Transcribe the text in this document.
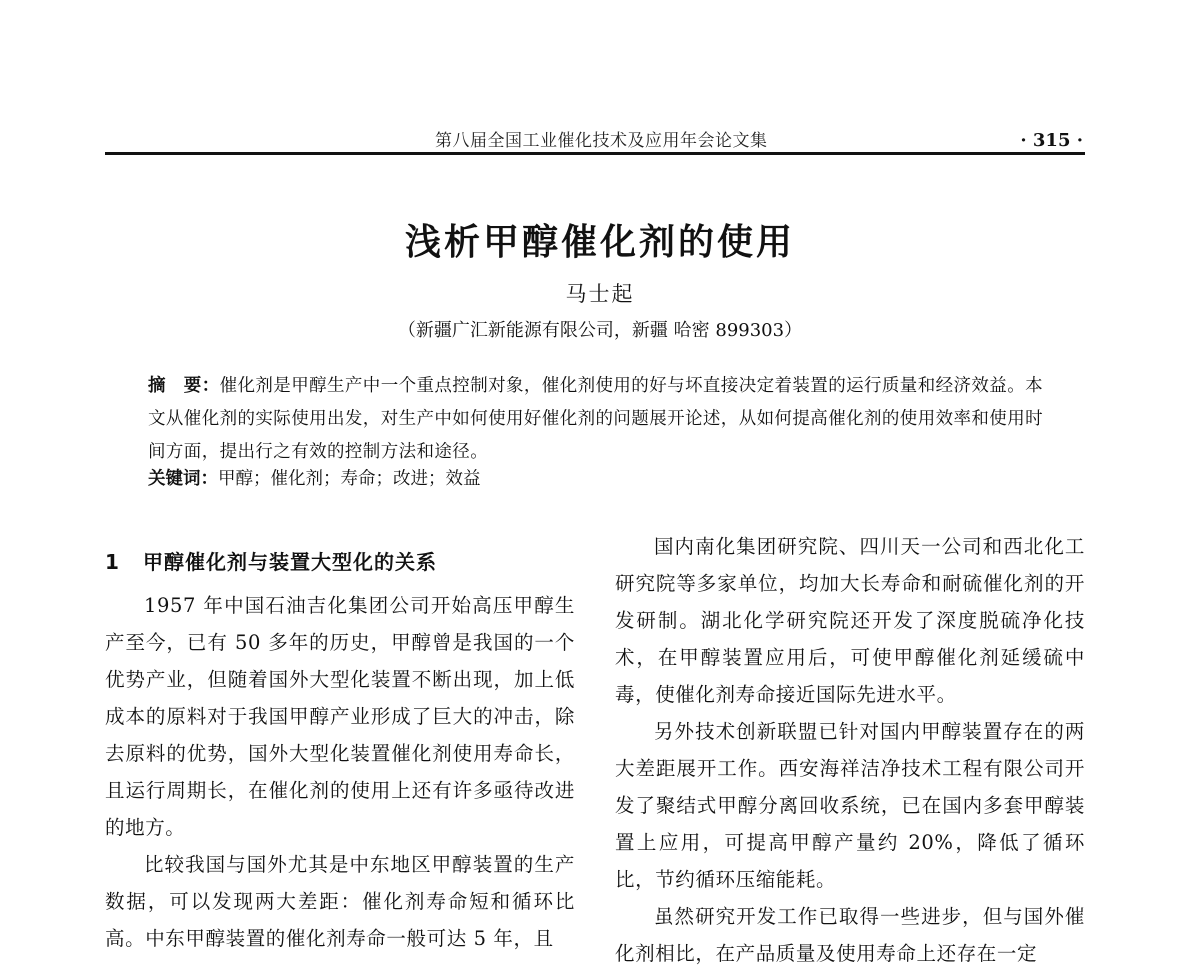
第八届全国工业催化技术及应用年会论文集	· 315 ·
浅析甲醇催化剂的使用
马士起
（新疆广汇新能源有限公司，新疆 哈密 899303）
摘　要：催化剂是甲醇生产中一个重点控制对象，催化剂使用的好与坏直接决定着装置的运行质量和经济效益。本文从催化剂的实际使用出发，对生产中如何使用好催化剂的问题展开论述，从如何提高催化剂的使用效率和使用时间方面，提出行之有效的控制方法和途径。
关键词：甲醇；催化剂；寿命；改进；效益
1 甲醇催化剂与装置大型化的关系

1957 年中国石油吉化集团公司开始高压甲醇生产至今，已有 50 多年的历史，甲醇曾是我国的一个优势产业，但随着国外大型化装置不断出现，加上低成本的原料对于我国甲醇产业形成了巨大的冲击，除去原料的优势，国外大型化装置催化剂使用寿命长，且运行周期长，在催化剂的使用上还有许多亟待改进的地方。

比较我国与国外尤其是中东地区甲醇装置的生产数据，可以发现两大差距：催化剂寿命短和循环比高。中东甲醇装置的催化剂寿命一般可达 5 年，且

国内南化集团研究院、四川天一公司和西北化工研究院等多家单位，均加大长寿命和耐硫催化剂的开发研制。湖北化学研究院还开发了深度脱硫净化技术，在甲醇装置应用后，可使甲醇催化剂延缓硫中毒，使催化剂寿命接近国际先进水平。

另外技术创新联盟已针对国内甲醇装置存在的两大差距展开工作。西安海祥洁净技术工程有限公司开发了聚结式甲醇分离回收系统，已在国内多套甲醇装置上应用，可提高甲醇产量约 20%，降低了循环比，节约循环压缩能耗。

虽然研究开发工作已取得一些进步，但与国外催化剂相比，在产品质量及使用寿命上还存在一定
